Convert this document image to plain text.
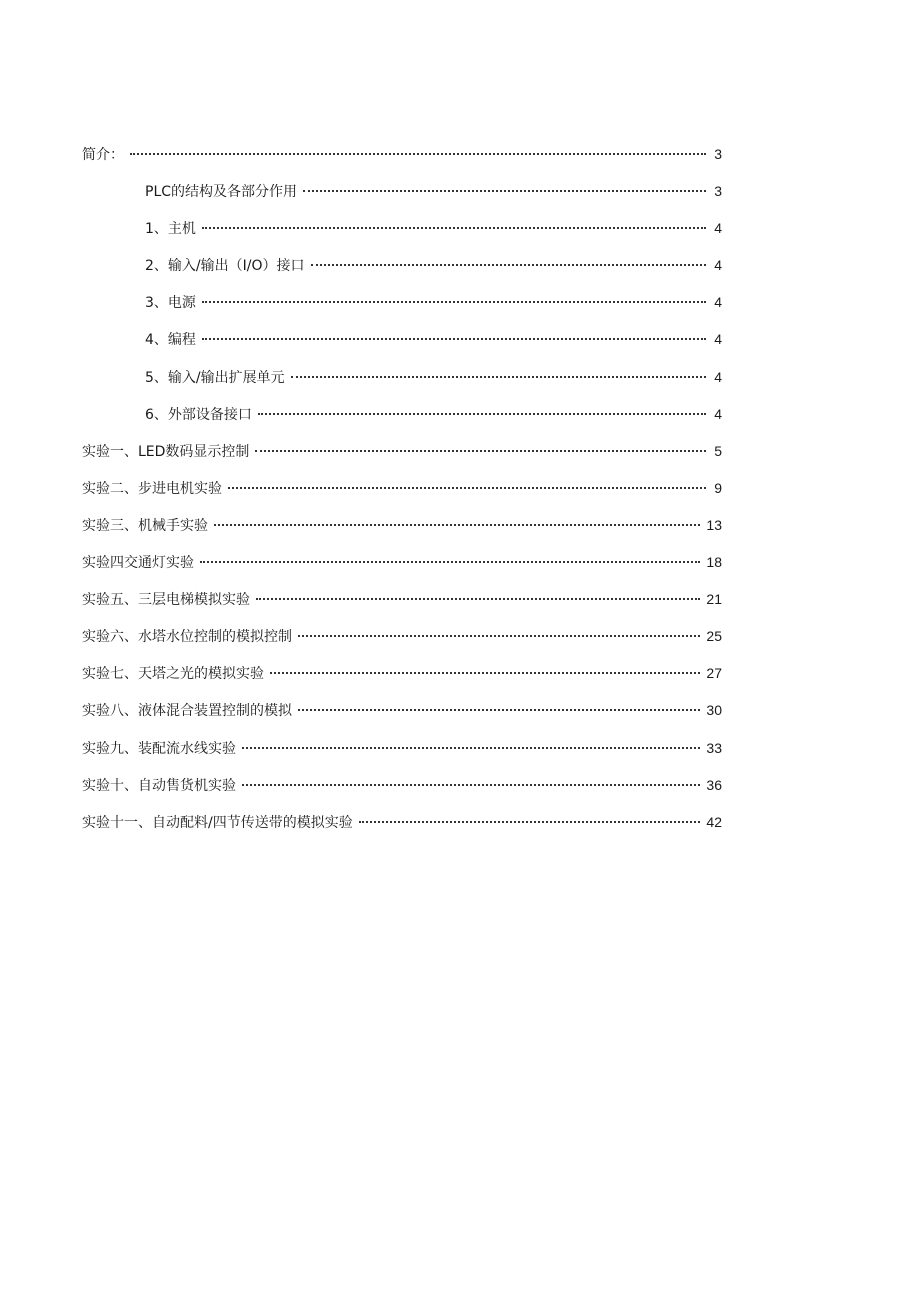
简介：	3
PLC的结构及各部分作用	3
1、主机	4
2、输入/输出（I/O）接口	4
3、电源	4
4、编程	4
5、输入/输出扩展单元	4
6、外部设备接口	4
实验一、LED数码显示控制	5
实验二、步进电机实验	9
实验三、机械手实验	13
实验四交通灯实验	18
实验五、三层电梯模拟实验	21
实验六、水塔水位控制的模拟控制	25
实验七、天塔之光的模拟实验	27
实验八、液体混合装置控制的模拟	30
实验九、装配流水线实验	33
实验十、自动售货机实验	36
实验十一、自动配料/四节传送带的模拟实验	42
